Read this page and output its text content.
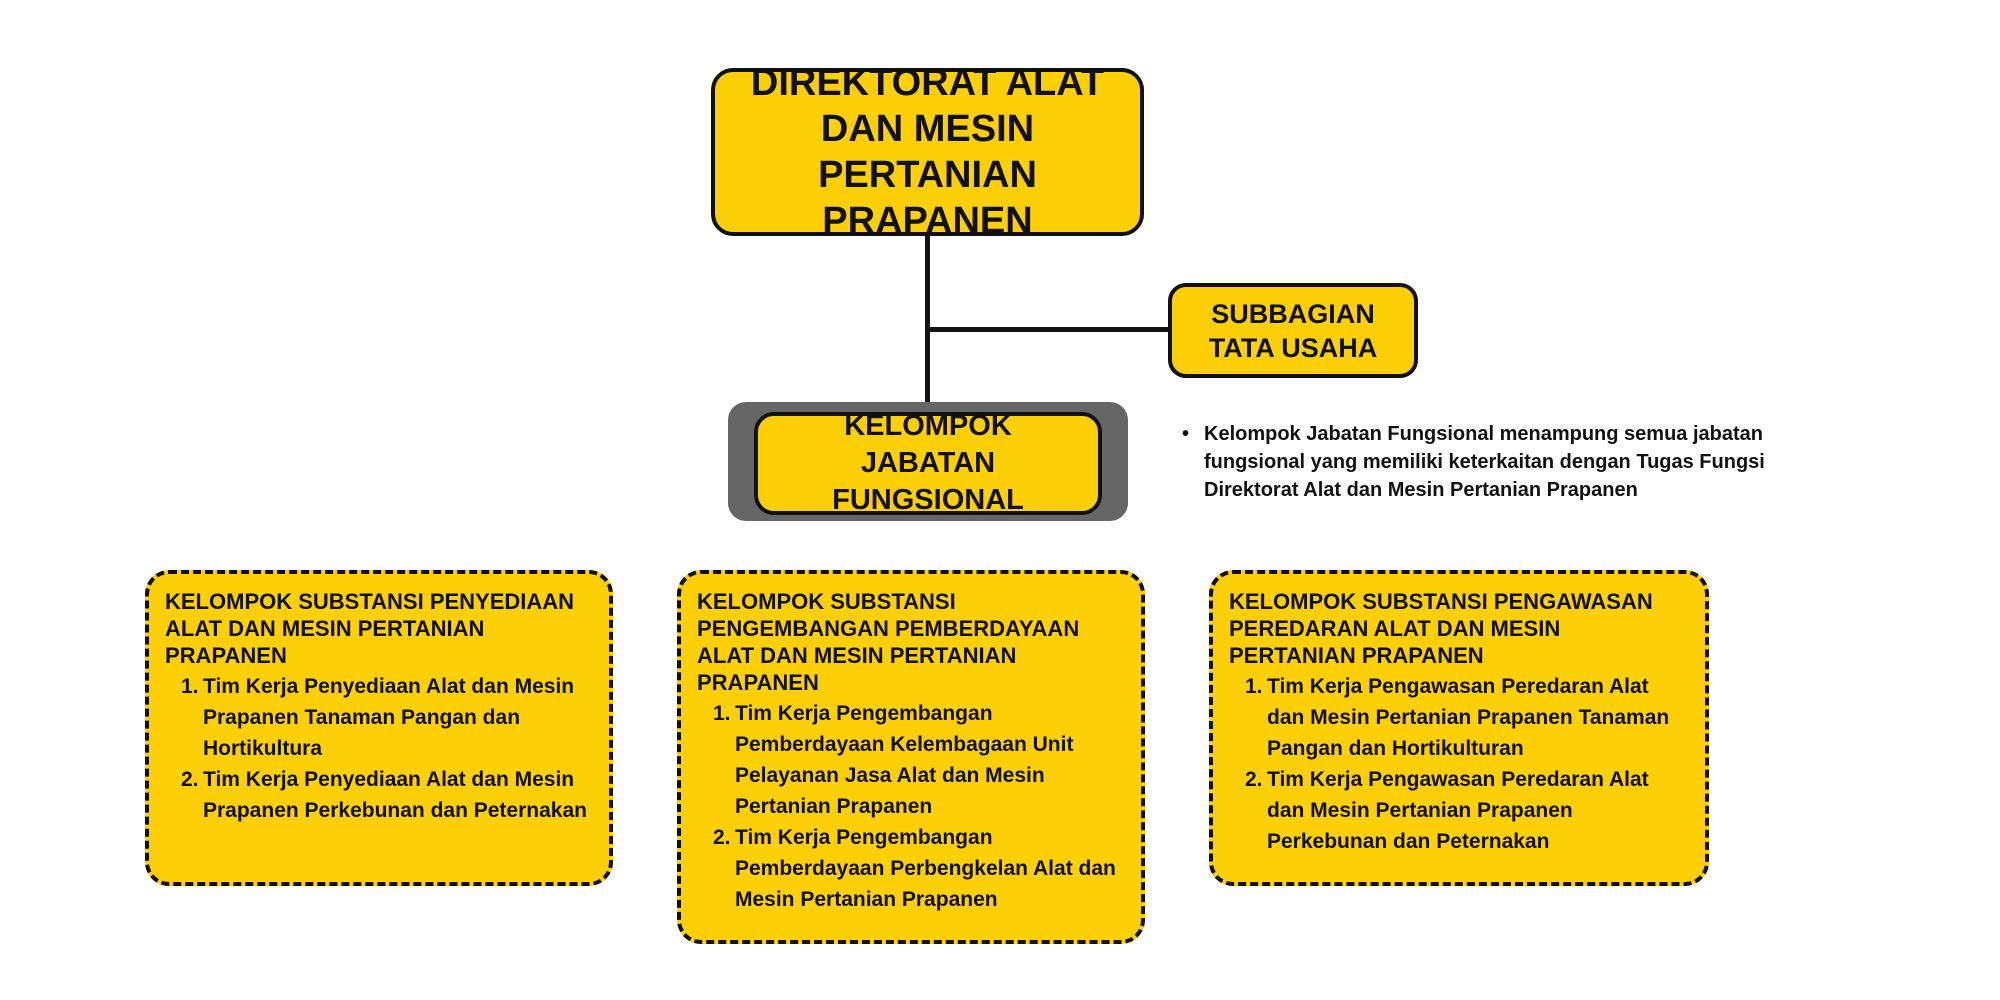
DIREKTORAT ALAT DAN MESIN PERTANIAN PRAPANEN
SUBBAGIAN TATA USAHA
KELOMPOK JABATAN FUNGSIONAL
• Kelompok Jabatan Fungsional menampung semua jabatan fungsional yang memiliki keterkaitan dengan Tugas Fungsi Direktorat Alat dan Mesin Pertanian Prapanen
KELOMPOK SUBSTANSI PENYEDIAAN ALAT DAN MESIN PERTANIAN PRAPANEN
1. Tim Kerja Penyediaan Alat dan Mesin Prapanen Tanaman Pangan dan Hortikultura
2. Tim Kerja Penyediaan Alat dan Mesin Prapanen Perkebunan dan Peternakan
KELOMPOK SUBSTANSI PENGEMBANGAN PEMBERDAYAAN ALAT DAN MESIN PERTANIAN PRAPANEN
1. Tim Kerja Pengembangan Pemberdayaan Kelembagaan Unit Pelayanan Jasa Alat dan Mesin Pertanian Prapanen
2. Tim Kerja Pengembangan Pemberdayaan Perbengkelan Alat dan Mesin Pertanian Prapanen
KELOMPOK SUBSTANSI PENGAWASAN PEREDARAN ALAT DAN MESIN PERTANIAN PRAPANEN
1. Tim Kerja Pengawasan Peredaran Alat dan Mesin Pertanian Prapanen Tanaman Pangan dan Hortikulturan
2. Tim Kerja Pengawasan Peredaran Alat dan Mesin Pertanian Prapanen Perkebunan dan Peternakan
